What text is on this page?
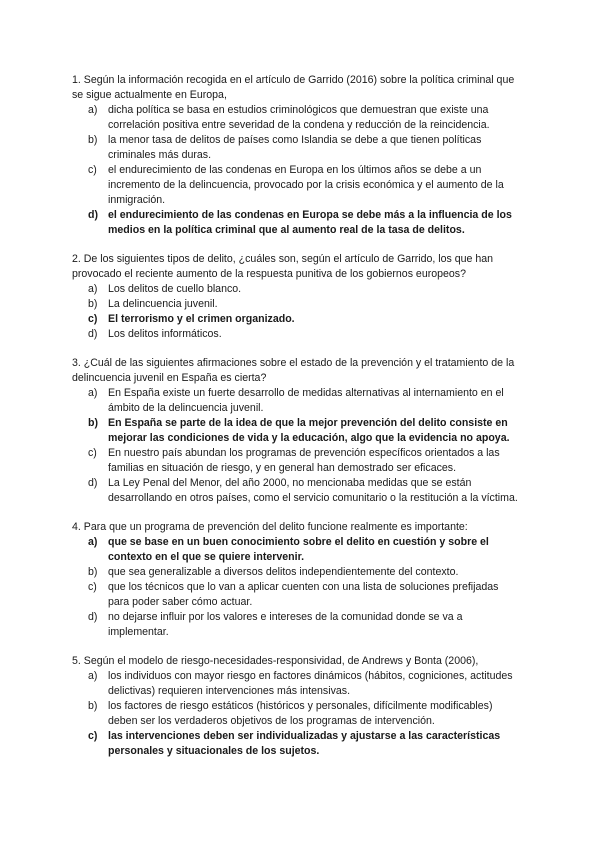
1. Según la información recogida en el artículo de Garrido (2016) sobre la política criminal que se sigue actualmente en Europa,

a) dicha política se basa en estudios criminológicos que demuestran que existe una correlación positiva entre severidad de la condena y reducción de la reincidencia.
b) la menor tasa de delitos de países como Islandia se debe a que tienen políticas criminales más duras.
c) el endurecimiento de las condenas en Europa en los últimos años se debe a un incremento de la delincuencia, provocado por la crisis económica y el aumento de la inmigración.
d) el endurecimiento de las condenas en Europa se debe más a la influencia de los medios en la política criminal que al aumento real de la tasa de delitos.

2. De los siguientes tipos de delito, ¿cuáles son, según el artículo de Garrido, los que han provocado el reciente aumento de la respuesta punitiva de los gobiernos europeos?

a) Los delitos de cuello blanco.
b) La delincuencia juvenil.
c) El terrorismo y el crimen organizado.
d) Los delitos informáticos.

3. ¿Cuál de las siguientes afirmaciones sobre el estado de la prevención y el tratamiento de la delincuencia juvenil en España es cierta?

a) En España existe un fuerte desarrollo de medidas alternativas al internamiento en el ámbito de la delincuencia juvenil.
b) En España se parte de la idea de que la mejor prevención del delito consiste en mejorar las condiciones de vida y la educación, algo que la evidencia no apoya.
c) En nuestro país abundan los programas de prevención específicos orientados a las familias en situación de riesgo, y en general han demostrado ser eficaces.
d) La Ley Penal del Menor, del año 2000, no mencionaba medidas que se están desarrollando en otros países, como el servicio comunitario o la restitución a la víctima.

4. Para que un programa de prevención del delito funcione realmente es importante:

a) que se base en un buen conocimiento sobre el delito en cuestión y sobre el contexto en el que se quiere intervenir.
b) que sea generalizable a diversos delitos independientemente del contexto.
c) que los técnicos que lo van a aplicar cuenten con una lista de soluciones prefijadas para poder saber cómo actuar.
d) no dejarse influir por los valores e intereses de la comunidad donde se va a implementar.

5. Según el modelo de riesgo-necesidades-responsividad, de Andrews y Bonta (2006),

a) los individuos con mayor riesgo en factores dinámicos (hábitos, cogniciones, actitudes delictivas) requieren intervenciones más intensivas.
b) los factores de riesgo estáticos (históricos y personales, difícilmente modificables) deben ser los verdaderos objetivos de los programas de intervención.
c) las intervenciones deben ser individualizadas y ajustarse a las características personales y situacionales de los sujetos.
